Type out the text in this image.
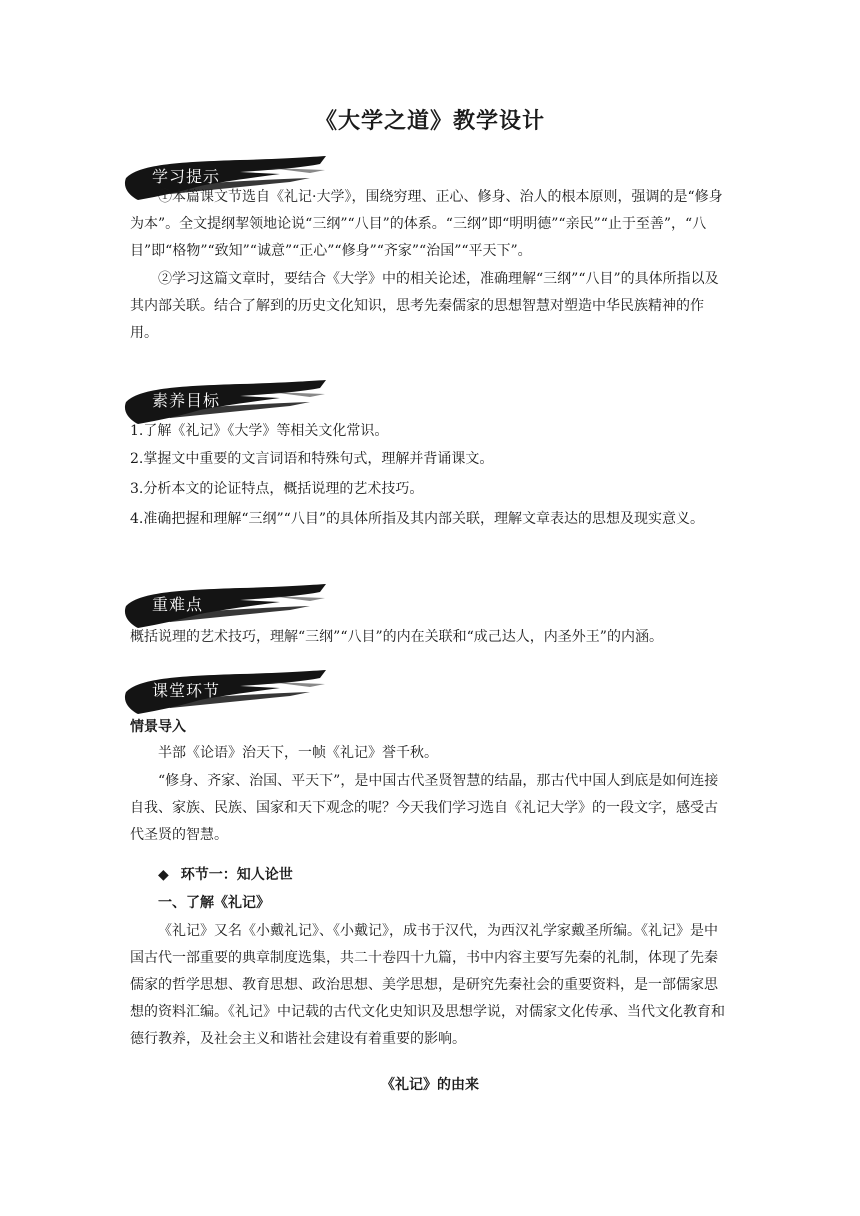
《大学之道》教学设计
学习提示
①本篇课文节选自《礼记·大学》，围绕穷理、正心、修身、治人的根本原则，强调的是“修身为本”。全文提纲挈领地论说“三纲”“八目”的体系。“三纲”即“明明德”“亲民”“止于至善”，“八目”即“格物”“致知”“诚意”“正心”“修身”“齐家”“治国”“平天下”。
②学习这篇文章时，要结合《大学》中的相关论述，准确理解“三纲”“八目”的具体所指以及其内部关联。结合了解到的历史文化知识，思考先秦儒家的思想智慧对塑造中华民族精神的作用。
素养目标
1.了解《礼记》《大学》等相关文化常识。
2.掌握文中重要的文言词语和特殊句式，理解并背诵课文。
3.分析本文的论证特点，概括说理的艺术技巧。
4.准确把握和理解“三纲”“八目”的具体所指及其内部关联，理解文章表达的思想及现实意义。
重难点
概括说理的艺术技巧，理解“三纲”“八目”的内在关联和“成己达人，内圣外王”的内涵。
课堂环节
情景导入
半部《论语》治天下，一帧《礼记》誉千秋。
“修身、齐家、治国、平天下”，是中国古代圣贤智慧的结晶，那古代中国人到底是如何连接自我、家族、民族、国家和天下观念的呢？今天我们学习选自《礼记大学》的一段文字，感受古代圣贤的智慧。
◆ 环节一：知人论世
一、了解《礼记》
《礼记》又名《小戴礼记》、《小戴记》，成书于汉代，为西汉礼学家戴圣所编。《礼记》是中国古代一部重要的典章制度选集，共二十卷四十九篇，书中内容主要写先秦的礼制，体现了先秦儒家的哲学思想、教育思想、政治思想、美学思想，是研究先秦社会的重要资料，是一部儒家思想的资料汇编。《礼记》中记载的古代文化史知识及思想学说，对儒家文化传承、当代文化教育和德行教养，及社会主义和谐社会建设有着重要的影响。
《礼记》的由来
